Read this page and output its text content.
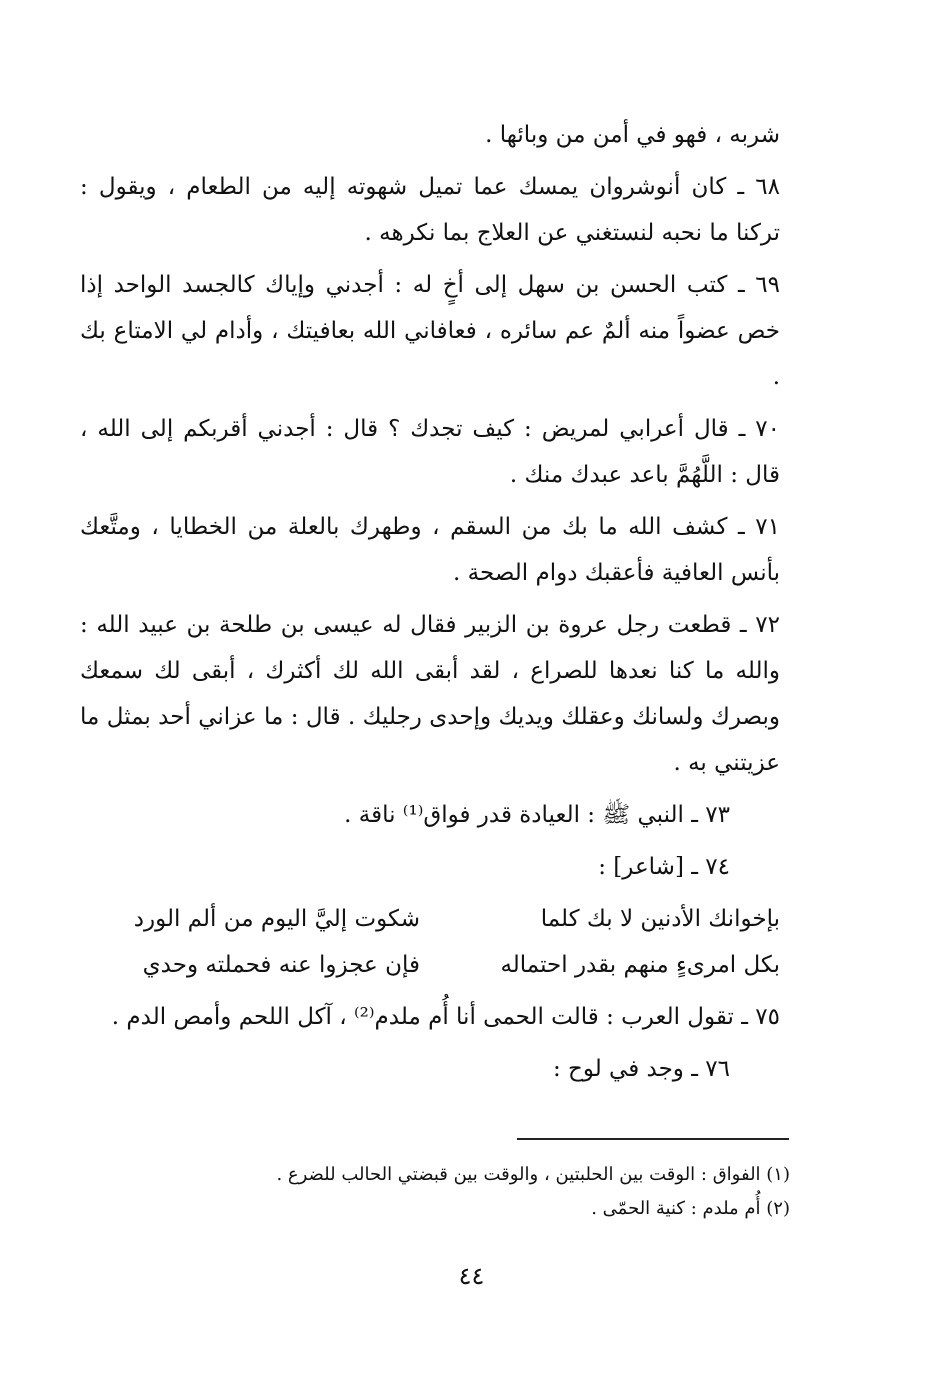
شربه ، فهو في أمن من وبائها .

٦٨ ـ كان أنوشروان يمسك عما تميل شهوته إليه من الطعام ، ويقول : تركنا ما نحبه لنستغني عن العلاج بما نكرهه .

٦٩ ـ كتب الحسن بن سهل إلى أخٍ له : أجدني وإياك كالجسد الواحد إذا خص عضواً منه ألمٌ عم سائره ، فعافاني الله بعافيتك ، وأدام لي الامتاع بك .

٧٠ ـ قال أعرابي لمريض : كيف تجدك ؟ قال : أجدني أقربكم إلى الله ، قال : اللَّهُمَّ باعد عبدك منك .

٧١ ـ كشف الله ما بك من السقم ، وطهرك بالعلة من الخطايا ، ومتَّعك بأنس العافية فأعقبك دوام الصحة .

٧٢ ـ قطعت رجل عروة بن الزبير فقال له عيسى بن طلحة بن عبيد الله : والله ما كنا نعدها للصراع ، لقد أبقى الله لك أكثرك ، أبقى لك سمعك وبصرك ولسانك وعقلك ويديك وإحدى رجليك . قال : ما عزاني أحد بمثل ما عزيتني به .

٧٣ ـ النبي ﷺ : العيادة قدر فواق⁽¹⁾ ناقة .

٧٤ ـ [شاعر] :

بإخوانك الأدنين لا بك كلما
شكوت إليَّ اليوم من ألم الورد
بكل امرىءٍ منهم بقدر احتماله
فإن عجزوا عنه فحملته وحدي

٧٥ ـ تقول العرب : قالت الحمى أنا أُم ملدم⁽²⁾ ، آكل اللحم وأمص الدم .

٧٦ ـ وجد في لوح :

(١) الفواق : الوقت بين الحلبتين ، والوقت بين قبضتي الحالب للضرع .
(٢) أُم ملدم : كنية الحمّى .
٤٤
